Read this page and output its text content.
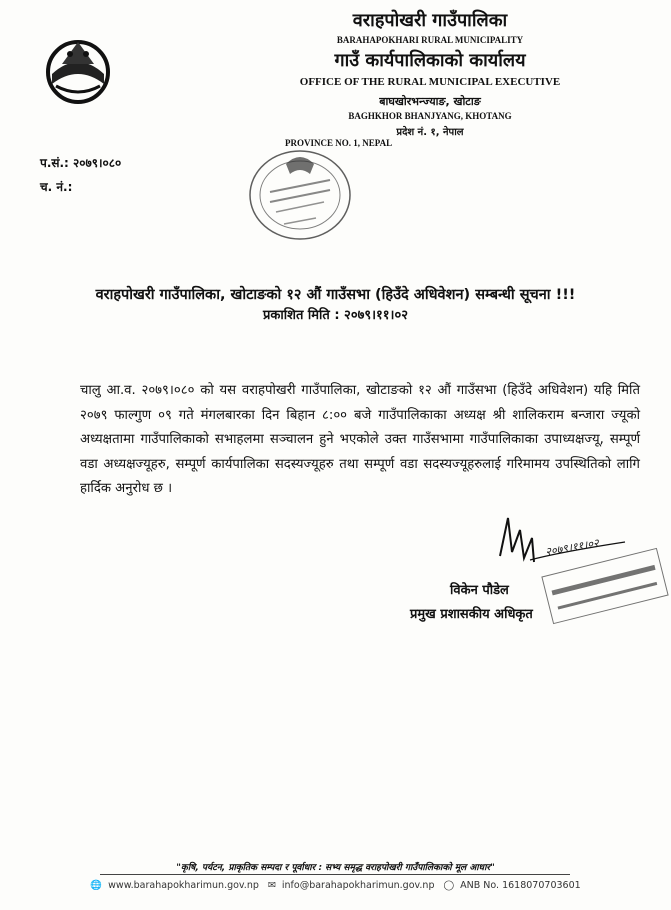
वराहपोखरी गाउँपालिका
BARAHAPOKHARI RURAL MUNICIPALITY
गाउँ कार्यपालिकाको कार्यालय
OFFICE OF THE RURAL MUNICIPAL EXECUTIVE
बाघखोरभन्ज्याङ, खोटाङ
BAGHKHOR BHANJYANG, KHOTANG
प्रदेश नं. १, नेपाल
PROVINCE NO. 1, NEPAL
प.सं.: २०७९।०८०
च. नं.:
वराहपोखरी गाउँपालिका, खोटाङको १२ औं गाउँसभा (हिउँदे अधिवेशन) सम्बन्धी सूचना !!!
प्रकाशित मिति : २०७९।११।०२
चालु आ.व. २०७९।०८० को यस वराहपोखरी गाउँपालिका, खोटाङको १२ औं गाउँसभा (हिउँदे अधिवेशन) यहि मिति २०७९ फाल्गुण ०९ गते मंगलबारका दिन बिहान ८:०० बजे गाउँपालिकाका अध्यक्ष श्री शालिकराम बन्जारा ज्यूको अध्यक्षतामा गाउँपालिकाको सभाहलमा सञ्चालन हुने भएकोले उक्त गाउँसभामा गाउँपालिकाका उपाध्यक्षज्यू, सम्पूर्ण वडा अध्यक्षज्यूहरु, सम्पूर्ण कार्यपालिका सदस्यज्यूहरु तथा सम्पूर्ण वडा सदस्यज्यूहरुलाई गरिमामय उपस्थितिको लागि हार्दिक अनुरोध छ ।
२०७९।११।०२
विकेन पौडेल
प्रमुख प्रशासकीय अधिकृत
"कृषि, पर्यटन, प्राकृतिक सम्पदा र पूर्वाधार : सभ्य समृद्ध वराहपोखरी गाउँपालिकाको मूल आधार"
🌐 www.barahapokharimun.gov.np ✉ info@barahapokharimun.gov.np ◯ ANB No. 1618070703601
